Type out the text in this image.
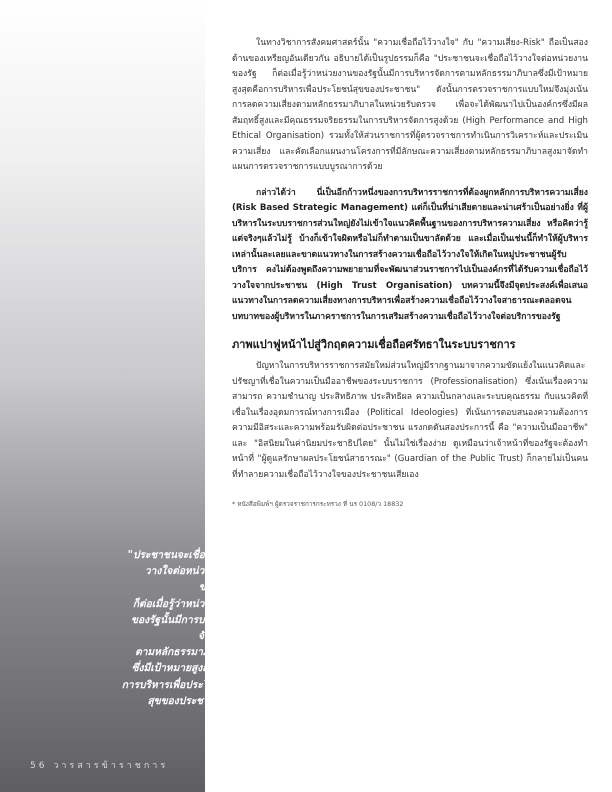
"ประชาชนจะเชื่อถือไว้
วางใจต่อหน่วยงาน
ของรัฐ
ก็ต่อเมื่อรู้ว่าหน่วยงาน
ของรัฐนั้นมีการบริหาร
จัดการ
ตามหลักธรรมาภิบาล
ซึ่งมีเป้าหมายสูงสุดคือ
การบริหารเพื่อประโยชน์
สุขของประชาชน"
56 วารสารข้าราชการ

ในทางวิชาการสังคมศาสตร์นั้น "ความเชื่อถือไว้วางใจ" กับ "ความเสี่ยง-Risk" ถือเป็นสองด้านของเหรียญอันเดียวกัน อธิบายได้เป็นรูปธรรมก็คือ "ประชาชนจะเชื่อถือไว้วางใจต่อหน่วยงานของรัฐ ก็ต่อเมื่อรู้ว่าหน่วยงานของรัฐนั้นมีการบริหารจัดการตามหลักธรรมาภิบาลซึ่งมีเป้าหมายสูงสุดคือการบริหารเพื่อประโยชน์สุขของประชาชน" ดังนั้นการตรวจราชการแบบใหม่จึงมุ่งเน้นการลดความเสี่ยงตามหลักธรรมาภิบาลในหน่วยรับตรวจ เพื่อจะได้พัฒนาไปเป็นองค์กรซึ่งมีผลสัมฤทธิ์สูงและมีคุณธรรมจริยธรรมในการบริหารจัดการสูงด้วย (High Performance and High Ethical Organisation) รวมทั้งให้ส่วนราชการที่ผู้ตรวจราชการทำเนินการวิเคราะห์และประเมินความเสี่ยง และคัดเลือกแผนงานโครงการที่มีลักษณะความเสี่ยงตามหลักธรรมาภิบาลสูงมาจัดทำแผนการตรวจราชการแบบบูรณาการด้วย

กล่าวได้ว่า นี่เป็นอีกก้าวหนึ่งของการบริหารราชการที่ต้องผูกหลักการบริหารความเสี่ยง (Risk Based Strategic Management) แต่ก็เป็นที่น่าเสียดายและน่าเศร้าเป็นอย่างยิ่ง ที่ผู้บริหารในระบบราชการส่วนใหญ่ยังไม่เข้าใจแนวคิดพื้นฐานของการบริหารความเสี่ยง หรือคิดว่ารู้แต่จริงๆแล้วไม่รู้ บ้างก็เข้าใจผิดหรือไม่ก็ทำตามเป็นขาลัดด้วย และเมื่อเป็นเช่นนี้ก็ทำให้ผู้บริหารเหล่านั้นละเลยและขาดแนวทางในการสร้างความเชื่อถือไว้วางใจให้เกิดในหมู่ประชาชนผู้รับบริการ คงไม่ต้องพูดถึงความพยายามที่จะพัฒนาส่วนราชการไปเป็นองค์กรที่ได้รับความเชื่อถือไว้วางใจจากประชาชน (High Trust Organisation) บทความนี้จึงมีจุดประสงค์เพื่อเสนอแนวทางในการลดความเสี่ยงทางการบริหารเพื่อสร้างความเชื่อถือไว้วางใจสาธารณะตลอดจนบทบาทของผู้บริหารในภาคราชการในการเสริมสร้างความเชื่อถือไว้วางใจต่อบริการของรัฐ

ภาพแปาฟูหน้าไปสู่วิกฤตความเชื่อถือศรัทธาในระบบราชการ

ปัญหาในการบริหารราชการสมัยใหม่ส่วนใหญ่มีรากฐานมาจากความขัดแย้งในแนวคิดและปรัชญาที่เชื่อในความเป็นมืออาชีพของระบบราชการ (Professionalisation) ซึ่งเน้นเรื่องความสามารถ ความชำนาญ ประสิทธิภาพ ประสิทธิผล ความเป็นกลางและระบบคุณธรรม กับแนวคิดที่เชื่อในเรื่องอุดมการณ์ทางการเมือง (Political Ideologies) ที่เน้นการตอบสนองความต้องการ ความมีอิสระและความพร้อมรับผิดต่อประชาชน แรงกดดันสองประการนี้ คือ "ความเป็นมืออาชีพ" และ "อิสนิยมในค่านิยมประชาธิปไตย" นั้นไม่ใช่เรื่องง่าย ดูเหมือนว่าเจ้าหน้าที่ของรัฐจะต้องทำหน้าที่ "ผู้ดูแลรักษาผลประโยชน์สาธารณะ" (Guardian of the Public Trust) ก็กลายไม่เป็นคนที่ทำลายความเชื่อถือไว้วางใจของประชาชนเสียเอง

* หนังสือพิมพ์ฯ ผู้ตรวจราชการกระทรวง ที่ นร 0108/ว 18832
